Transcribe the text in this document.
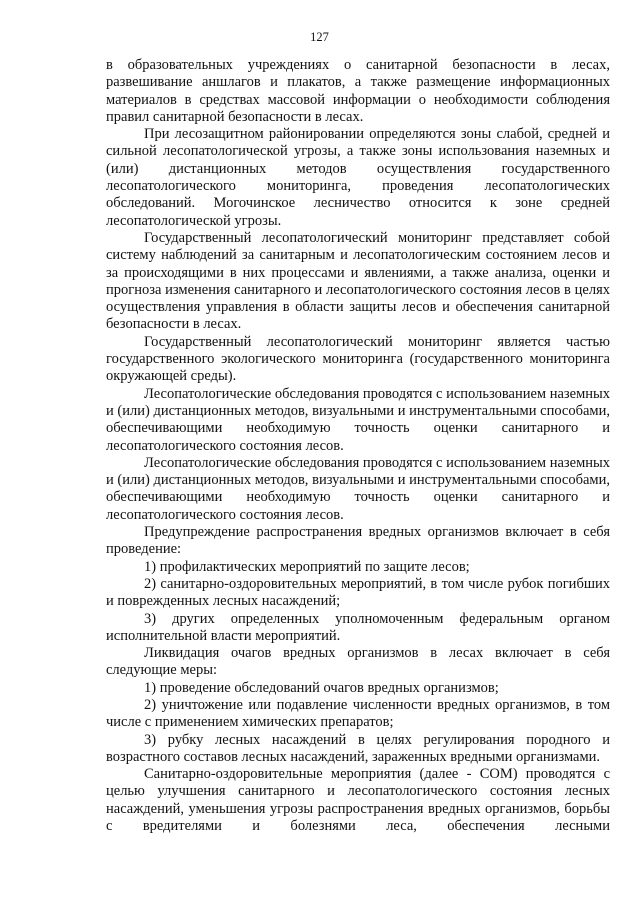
127

в образовательных учреждениях о санитарной безопасности в лесах, развешивание аншлагов и плакатов, а также размещение информационных материалов в средствах массовой информации о необходимости соблюдения правил санитарной безопасности в лесах.

При лесозащитном районировании определяются зоны слабой, средней и сильной лесопатологической угрозы, а также зоны использования наземных и (или) дистанционных методов осуществления государственного лесопатологического мониторинга, проведения лесопатологических обследований. Могочинское лесничество относится к зоне средней лесопатологической угрозы.

Государственный лесопатологический мониторинг представляет собой систему наблюдений за санитарным и лесопатологическим состоянием лесов и за происходящими в них процессами и явлениями, а также анализа, оценки и прогноза изменения санитарного и лесопатологического состояния лесов в целях осуществления управления в области защиты лесов и обеспечения санитарной безопасности в лесах.

Государственный лесопатологический мониторинг является частью государственного экологического мониторинга (государственного мониторинга окружающей среды).

Лесопатологические обследования проводятся с использованием наземных и (или) дистанционных методов, визуальными и инструментальными способами, обеспечивающими необходимую точность оценки санитарного и лесопатологического состояния лесов.

Лесопатологические обследования проводятся с использованием наземных и (или) дистанционных методов, визуальными и инструментальными способами, обеспечивающими необходимую точность оценки санитарного и лесопатологического состояния лесов.

Предупреждение распространения вредных организмов включает в себя проведение:

1) профилактических мероприятий по защите лесов;

2) санитарно-оздоровительных мероприятий, в том числе рубок погибших и поврежденных лесных насаждений;

3) других определенных уполномоченным федеральным органом исполнительной власти мероприятий.

Ликвидация очагов вредных организмов в лесах включает в себя следующие меры:

1) проведение обследований очагов вредных организмов;

2) уничтожение или подавление численности вредных организмов, в том числе с применением химических препаратов;

3) рубку лесных насаждений в целях регулирования породного и возрастного составов лесных насаждений, зараженных вредными организмами.

Санитарно-оздоровительные мероприятия (далее - СОМ) проводятся с целью улучшения санитарного и лесопатологического состояния лесных насаждений, уменьшения угрозы распространения вредных организмов, борьбы с вредителями и болезнями леса, обеспечения лесными
